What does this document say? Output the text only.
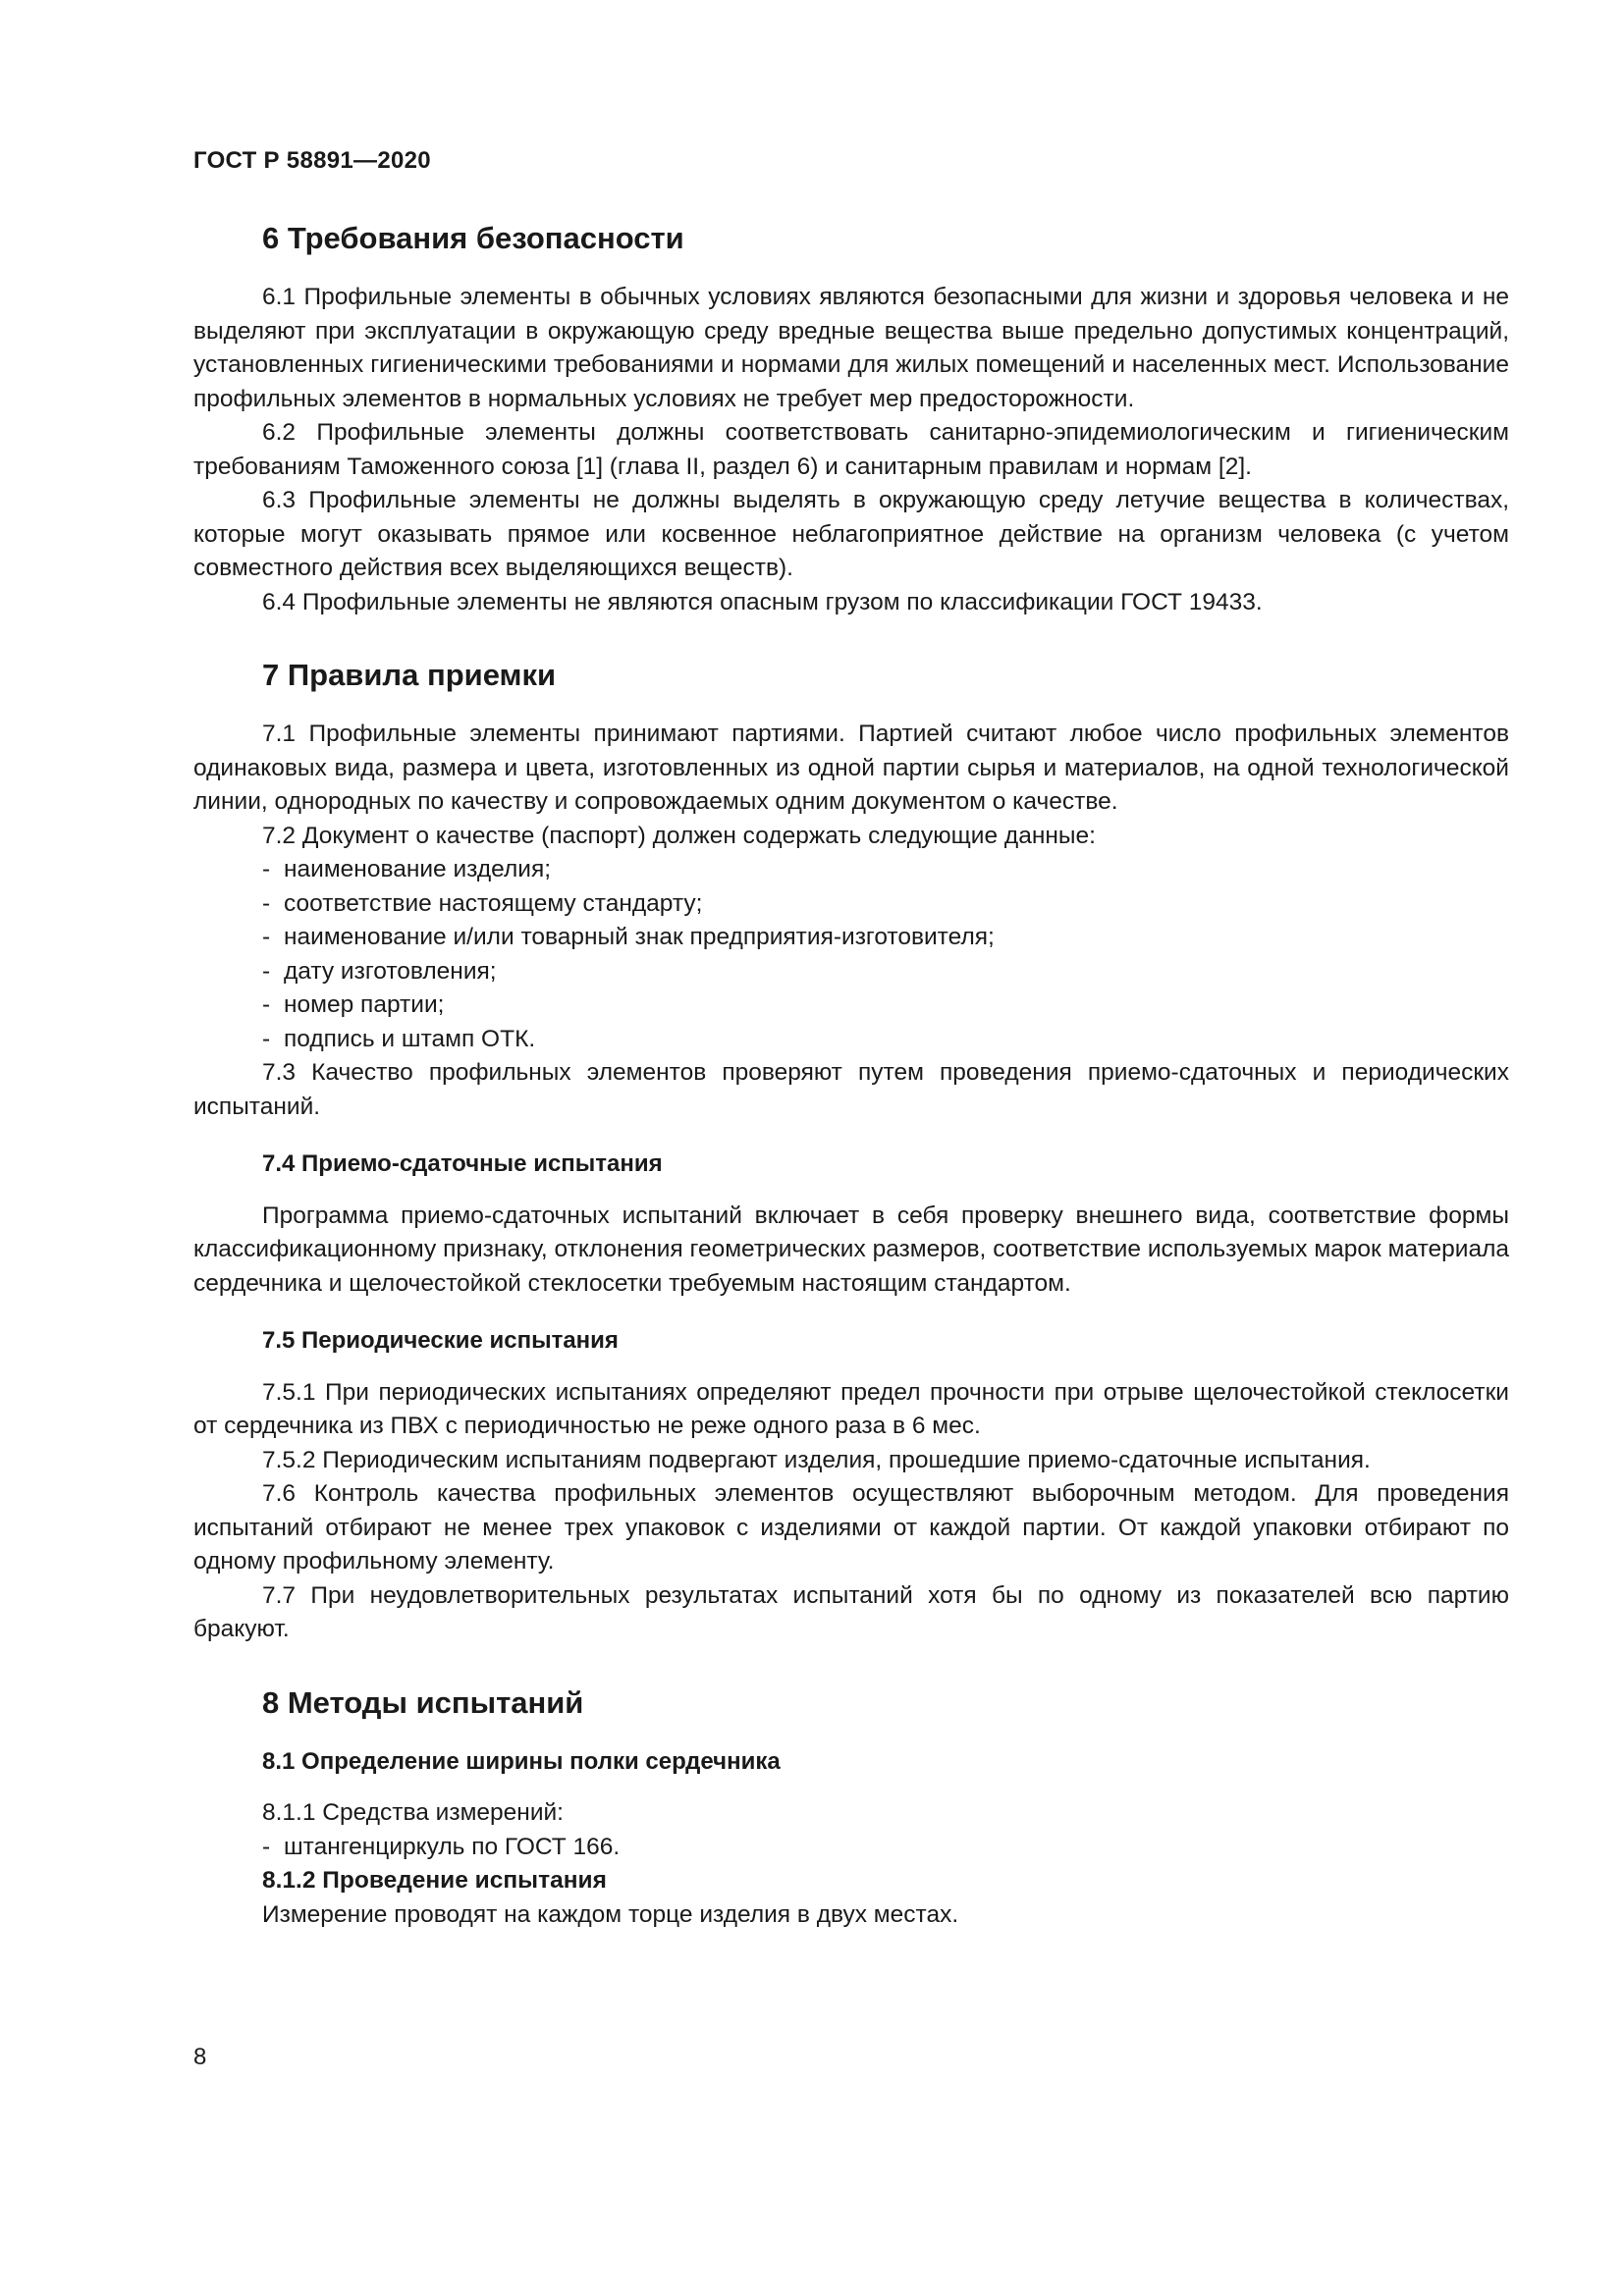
ГОСТ Р 58891—2020
6 Требования безопасности

6.1 Профильные элементы в обычных условиях являются безопасными для жизни и здоровья человека и не выделяют при эксплуатации в окружающую среду вредные вещества выше предельно допустимых концентраций, установленных гигиеническими требованиями и нормами для жилых помещений и населенных мест. Использование профильных элементов в нормальных условиях не требует мер предосторожности.

6.2 Профильные элементы должны соответствовать санитарно-эпидемиологическим и гигиеническим требованиям Таможенного союза [1] (глава II, раздел 6) и санитарным правилам и нормам [2].

6.3 Профильные элементы не должны выделять в окружающую среду летучие вещества в количествах, которые могут оказывать прямое или косвенное неблагоприятное действие на организм человека (с учетом совместного действия всех выделяющихся веществ).

6.4 Профильные элементы не являются опасным грузом по классификации ГОСТ 19433.

7 Правила приемки

7.1 Профильные элементы принимают партиями. Партией считают любое число профильных элементов одинаковых вида, размера и цвета, изготовленных из одной партии сырья и материалов, на одной технологической линии, однородных по качеству и сопровождаемых одним документом о качестве.

7.2 Документ о качестве (паспорт) должен содержать следующие данные:

- наименование изделия;
- соответствие настоящему стандарту;
- наименование и/или товарный знак предприятия-изготовителя;
- дату изготовления;
- номер партии;
- подпись и штамп ОТК.

7.3 Качество профильных элементов проверяют путем проведения приемо-сдаточных и периодических испытаний.

7.4 Приемо-сдаточные испытания

Программа приемо-сдаточных испытаний включает в себя проверку внешнего вида, соответствие формы классификационному признаку, отклонения геометрических размеров, соответствие используемых марок материала сердечника и щелочестойкой стеклосетки требуемым настоящим стандартом.

7.5 Периодические испытания

7.5.1 При периодических испытаниях определяют предел прочности при отрыве щелочестойкой стеклосетки от сердечника из ПВХ с периодичностью не реже одного раза в 6 мес.

7.5.2 Периодическим испытаниям подвергают изделия, прошедшие приемо-сдаточные испытания.

7.6 Контроль качества профильных элементов осуществляют выборочным методом. Для проведения испытаний отбирают не менее трех упаковок с изделиями от каждой партии. От каждой упаковки отбирают по одному профильному элементу.

7.7 При неудовлетворительных результатах испытаний хотя бы по одному из показателей всю партию бракуют.

8 Методы испытаний
8.1 Определение ширины полки сердечника
8.1.1 Средства измерений:
- штангенциркуль по ГОСТ 166.
8.1.2 Проведение испытания
Измерение проводят на каждом торце изделия в двух местах.
8
